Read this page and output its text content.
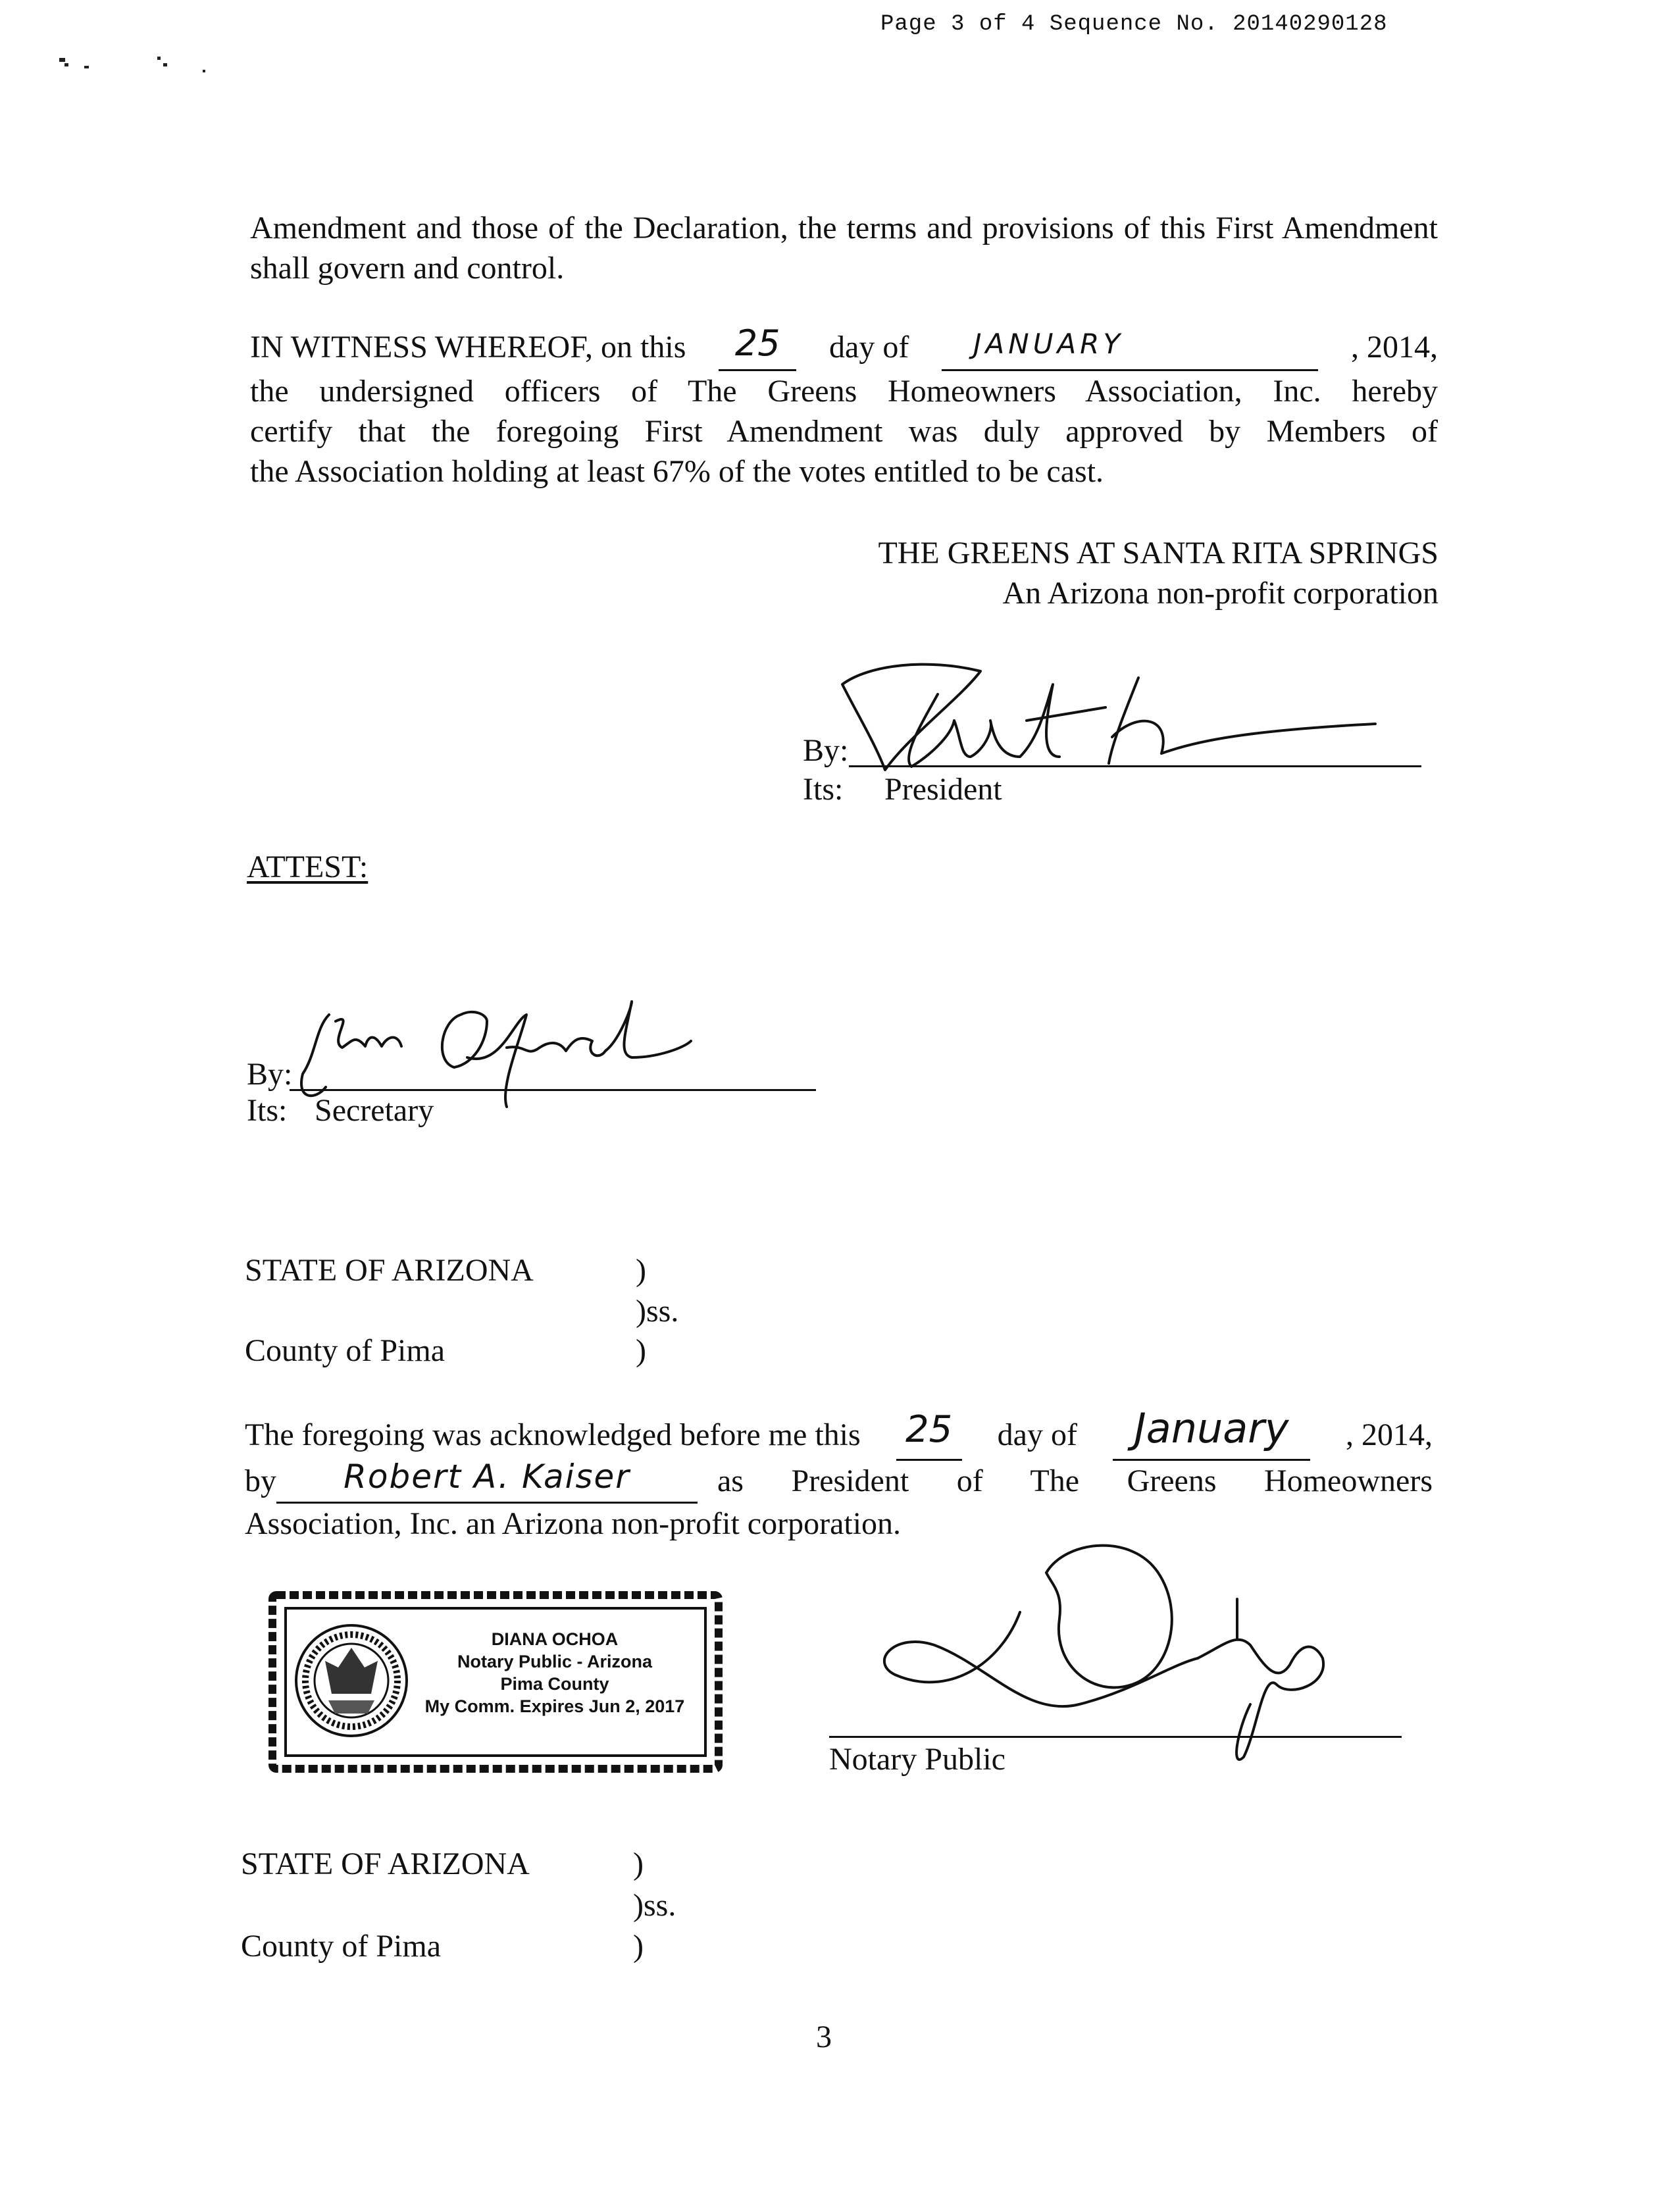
Page 3 of 4 Sequence No. 20140290128

Amendment and those of the Declaration, the terms and provisions of this First Amendment shall govern and control.

IN WITNESS WHEREOF, on this	25	day of	JANUARY	, 2014,

the undersigned officers of The Greens Homeowners Association, Inc. hereby

certify that the foregoing First Amendment was duly approved by Members of

the Association holding at least 67% of the votes entitled to be cast.

THE GREENS AT SANTA RITA SPRINGS
An Arizona non-profit corporation
By:
Its: President
ATTEST:
By:
Its: Secretary
STATE OF ARIZONA	)
)ss.
County of Pima	)
The foregoing was acknowledged before me this 25 day of	January	, 2014,
by	Robert A. Kaiser	as President of The Greens Homeowners

Association, Inc. an Arizona non-profit corporation.

DIANA OCHOA
Notary Public - Arizona
Pima County
My Comm. Expires Jun 2, 2017
Notary Public
STATE OF ARIZONA	)
)ss.
County of Pima	)
3
